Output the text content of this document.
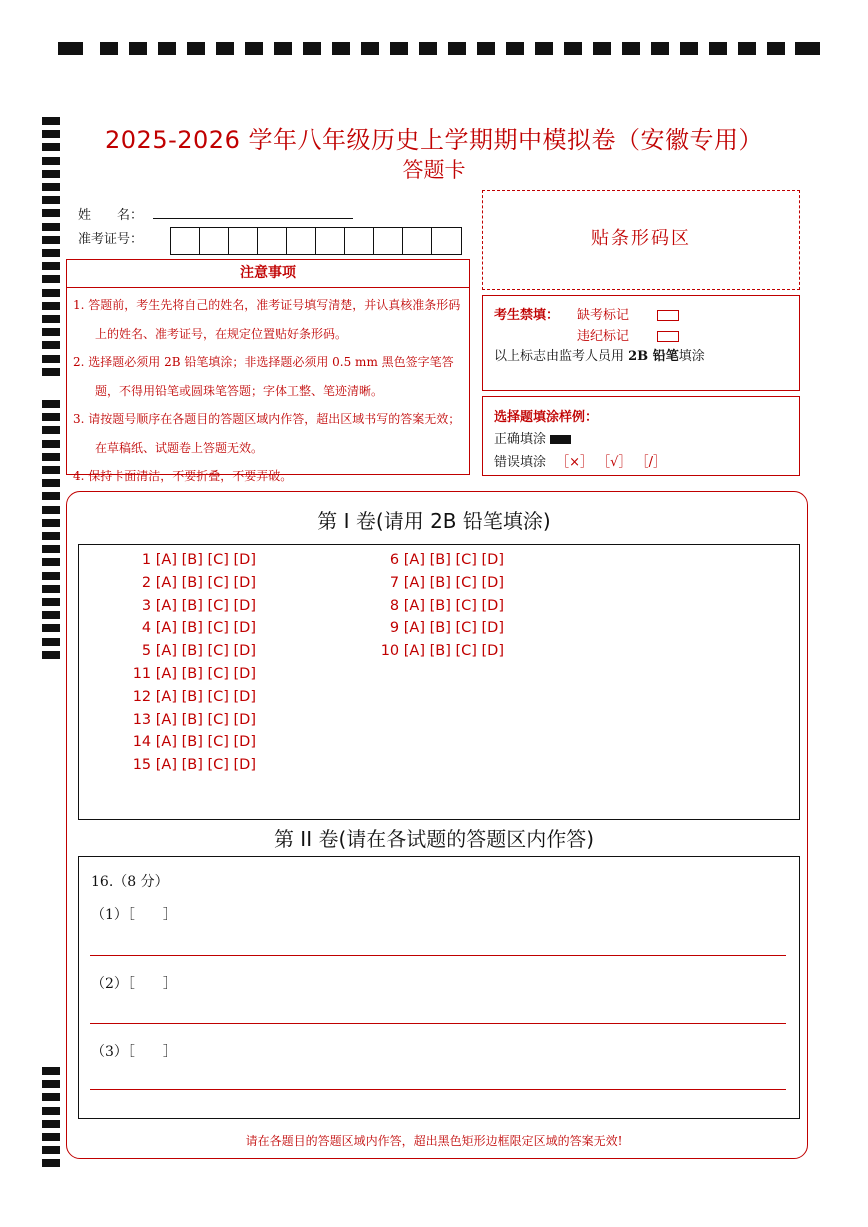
2025-2026 学年八年级历史上学期期中模拟卷（安徽专用）
答题卡
姓　　名：
准考证号：
注意事项
1. 答题前，考生先将自己的姓名，准考证号填写清楚，并认真核准条形码上的姓名、准考证号，在规定位置贴好条形码。
2. 选择题必须用 2B 铅笔填涂；非选择题必须用 0.5 mm 黑色签字笔答题，不得用铅笔或圆珠笔答题；字体工整、笔迹清晰。
3. 请按题号顺序在各题目的答题区域内作答，超出区域书写的答案无效；在草稿纸、试题卷上答题无效。
4. 保持卡面清洁，不要折叠，不要弄破。
贴条形码区
考生禁填： 缺考标记
违纪标记
以上标志由监考人员用 2B 铅笔填涂
选择题填涂样例：
正确填涂
错误填涂 ［×］ ［√］ ［/］
第 I 卷(请用 2B 铅笔填涂)
1 [A] [B] [C] [D]
2 [A] [B] [C] [D]
3 [A] [B] [C] [D]
4 [A] [B] [C] [D]
5 [A] [B] [C] [D]
11 [A] [B] [C] [D]
12 [A] [B] [C] [D]
13 [A] [B] [C] [D]
14 [A] [B] [C] [D]
15 [A] [B] [C] [D]
6 [A] [B] [C] [D]
7 [A] [B] [C] [D]
8 [A] [B] [C] [D]
9 [A] [B] [C] [D]
10 [A] [B] [C] [D]
第 II 卷(请在各试题的答题区内作答)
16.（8 分）
（1）［　　］
（2）［　　］
（3）［　　］
请在各题目的答题区域内作答，超出黑色矩形边框限定区域的答案无效!
